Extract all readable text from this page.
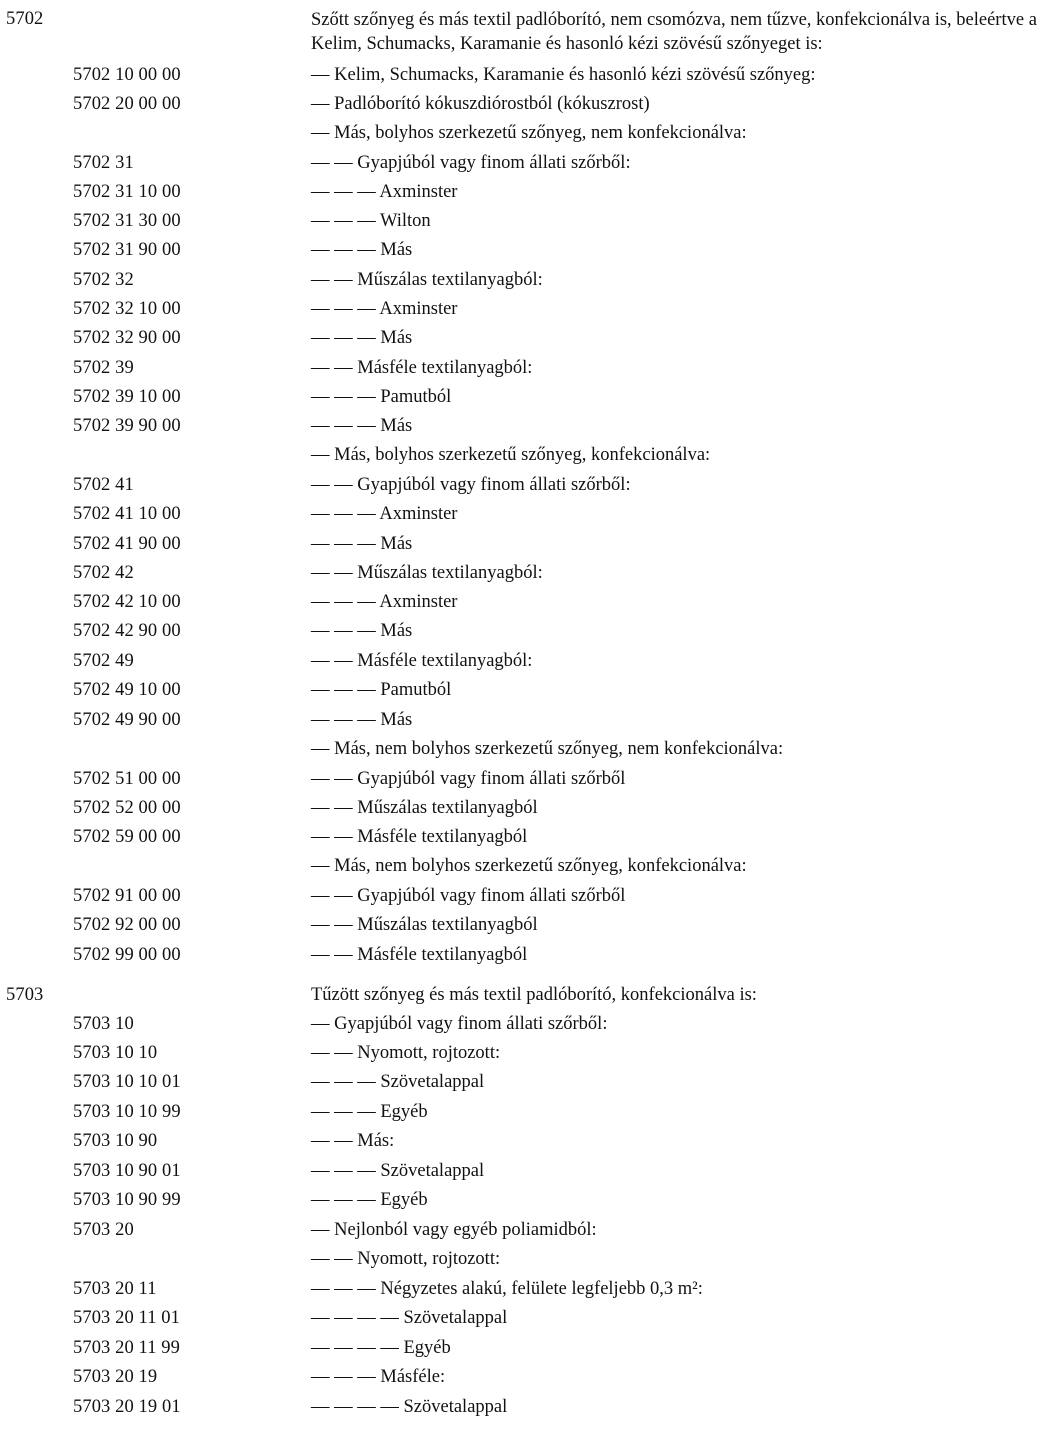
5702	Szőtt szőnyeg és más textil padlóborító, nem csomózva, nem tűzve, konfekcionálva is, beleértve a Kelim, Schumacks, Karamanie és hasonló kézi szövésű szőnyeget is:
5702 10 00 00	— Kelim, Schumacks, Karamanie és hasonló kézi szövésű szőnyeg:
5702 20 00 00	— Padlóborító kókuszdiórostból (kókuszrost)
— Más, bolyhos szerkezetű szőnyeg, nem konfekcionálva:
5702 31	— — Gyapjúból vagy finom állati szőrből:
5702 31 10 00	— — — Axminster
5702 31 30 00	— — — Wilton
5702 31 90 00	— — — Más
5702 32	— — Műszálas textilanyagból:
5702 32 10 00	— — — Axminster
5702 32 90 00	— — — Más
5702 39	— — Másféle textilanyagból:
5702 39 10 00	— — — Pamutból
5702 39 90 00	— — — Más
— Más, bolyhos szerkezetű szőnyeg, konfekcionálva:
5702 41	— — Gyapjúból vagy finom állati szőrből:
5702 41 10 00	— — — Axminster
5702 41 90 00	— — — Más
5702 42	— — Műszálas textilanyagból:
5702 42 10 00	— — — Axminster
5702 42 90 00	— — — Más
5702 49	— — Másféle textilanyagból:
5702 49 10 00	— — — Pamutból
5702 49 90 00	— — — Más
— Más, nem bolyhos szerkezetű szőnyeg, nem konfekcionálva:
5702 51 00 00	— — Gyapjúból vagy finom állati szőrből
5702 52 00 00	— — Műszálas textilanyagból
5702 59 00 00	— — Másféle textilanyagból
— Más, nem bolyhos szerkezetű szőnyeg, konfekcionálva:
5702 91 00 00	— — Gyapjúból vagy finom állati szőrből
5702 92 00 00	— — Műszálas textilanyagból
5702 99 00 00	— — Másféle textilanyagból
5703	Tűzött szőnyeg és más textil padlóborító, konfekcionálva is:
5703 10	— Gyapjúból vagy finom állati szőrből:
5703 10 10	— — Nyomott, rojtozott:
5703 10 10 01	— — — Szövetalappal
5703 10 10 99	— — — Egyéb
5703 10 90	— — Más:
5703 10 90 01	— — — Szövetalappal
5703 10 90 99	— — — Egyéb
5703 20	— Nejlonból vagy egyéb poliamidból:
— — Nyomott, rojtozott:
5703 20 11	— — — Négyzetes alakú, felülete legfeljebb 0,3 m²:
5703 20 11 01	— — — — Szövetalappal
5703 20 11 99	— — — — Egyéb
5703 20 19	— — — Másféle:
5703 20 19 01	— — — — Szövetalappal
